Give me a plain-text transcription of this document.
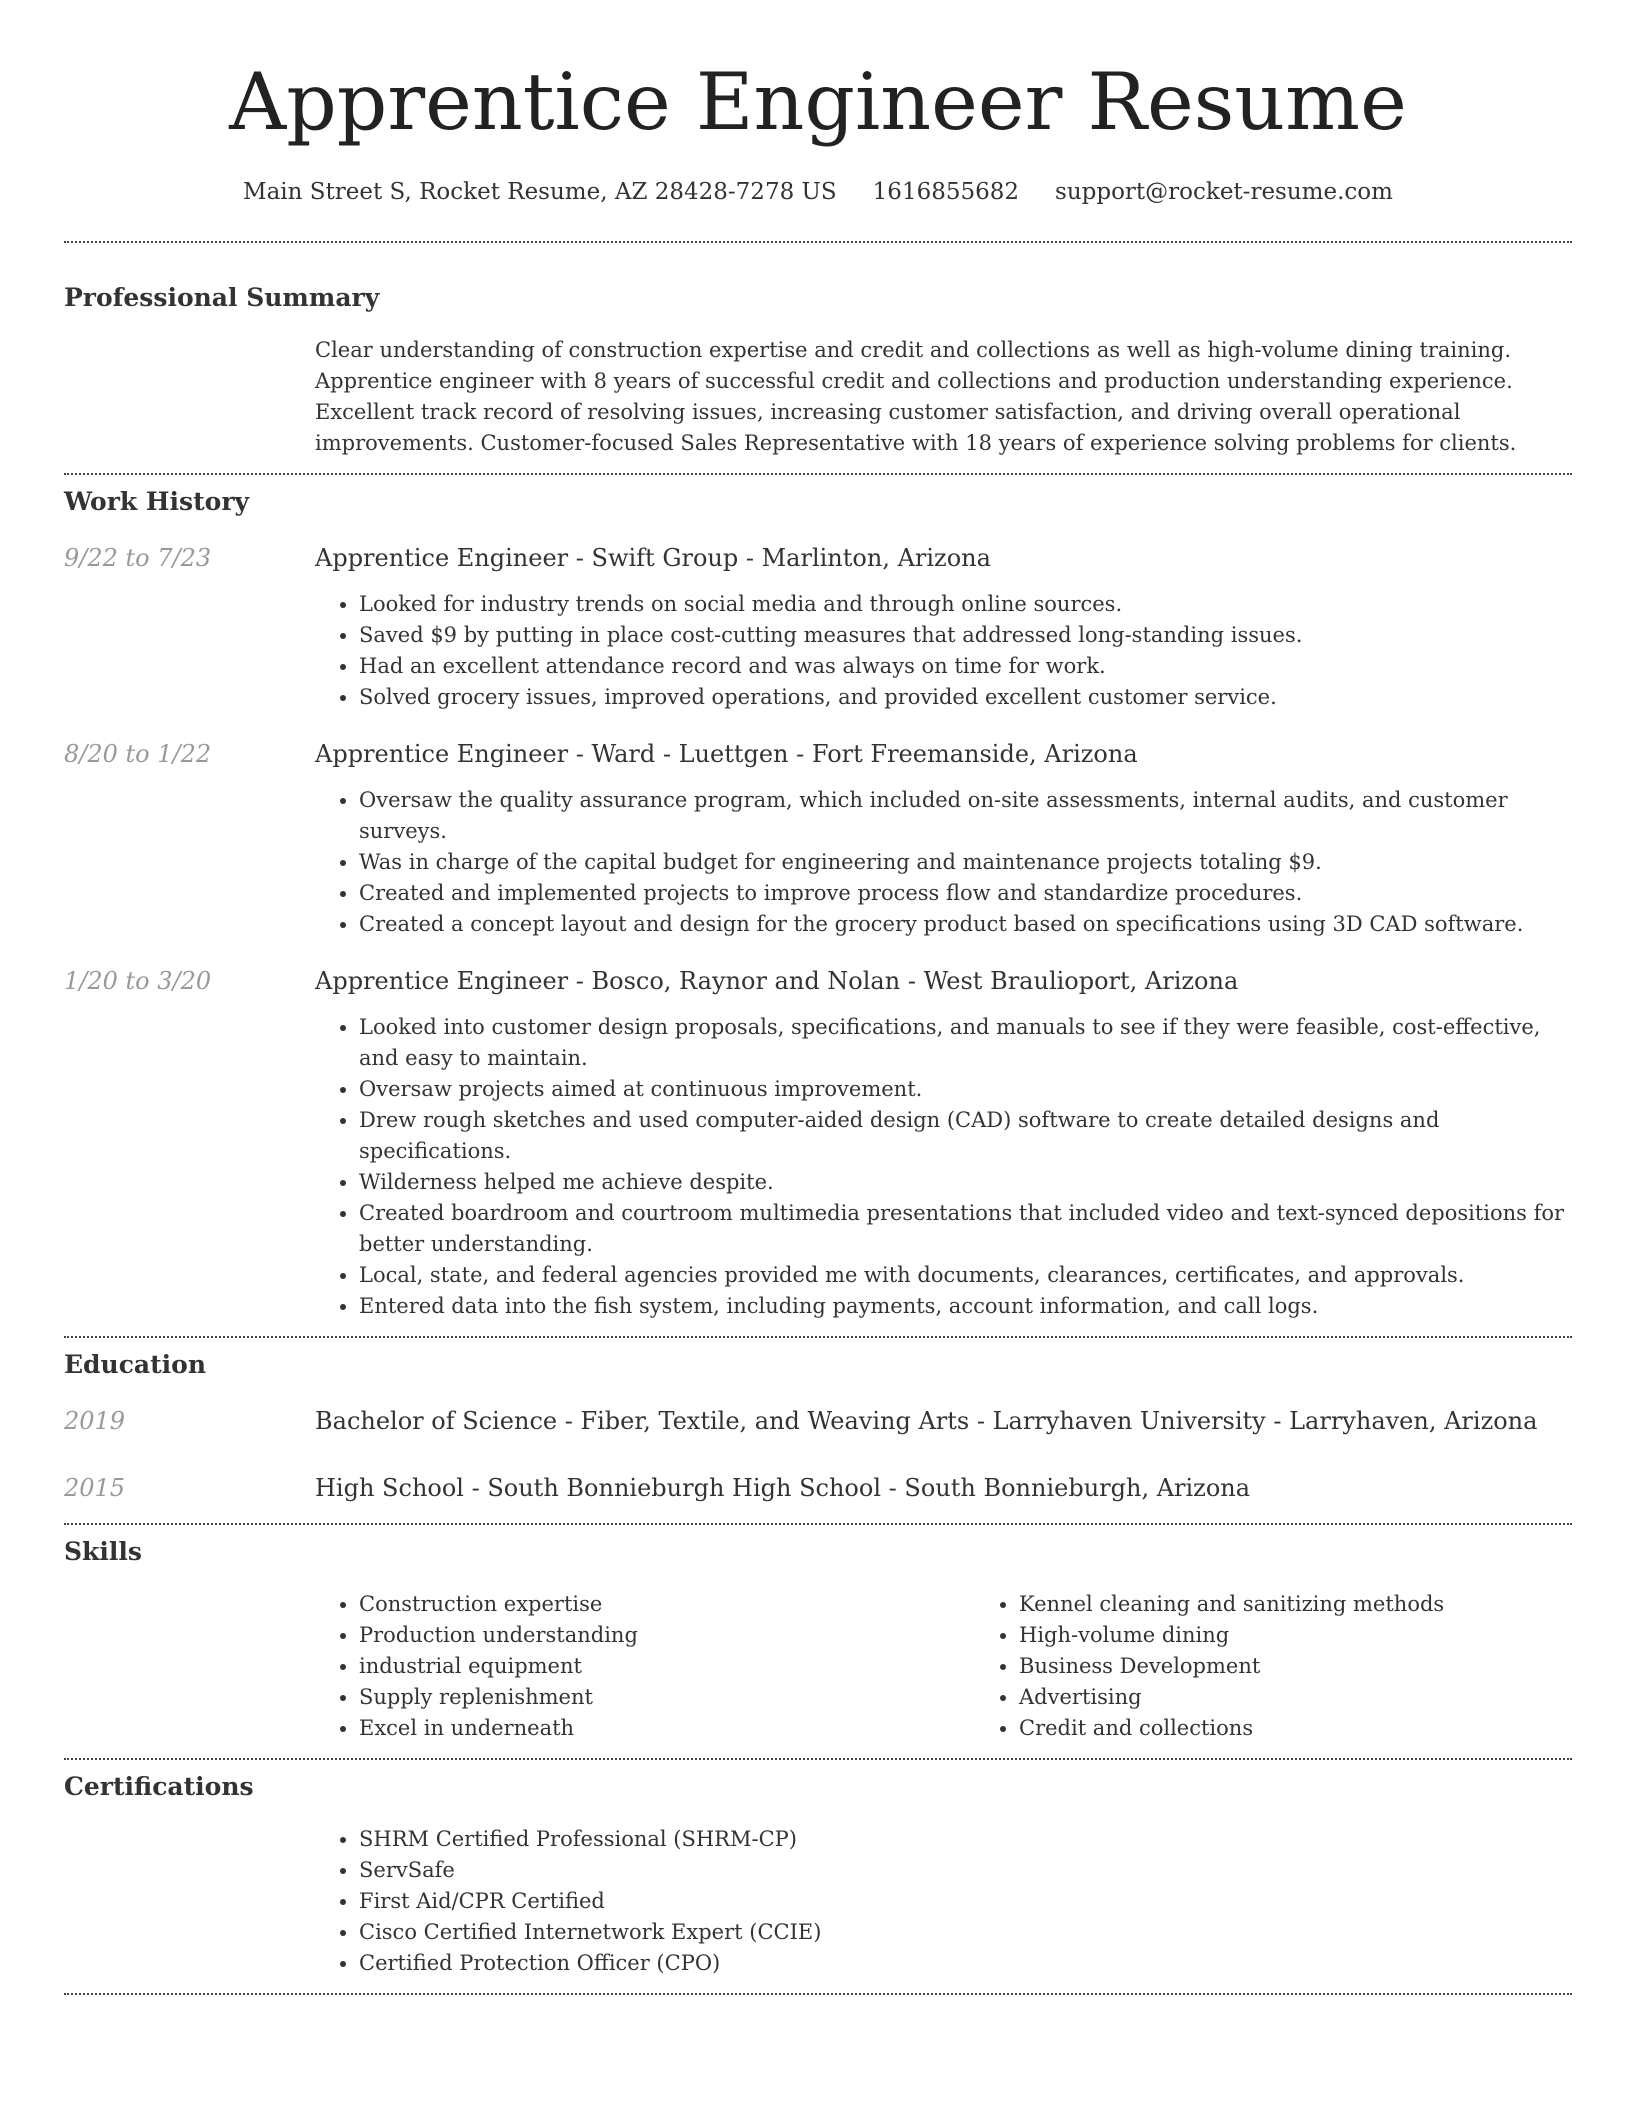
Apprentice Engineer Resume
Main Street S, Rocket Resume, AZ 28428-7278 US 1616855682 support@rocket-resume.com
Professional Summary
Clear understanding of construction expertise and credit and collections as well as high-volume dining training. Apprentice engineer with 8 years of successful credit and collections and production understanding experience. Excellent track record of resolving issues, increasing customer satisfaction, and driving overall operational improvements. Customer-focused Sales Representative with 18 years of experience solving problems for clients.
Work History
9/22 to 7/23	Apprentice Engineer - Swift Group - Marlinton, Arizona
• Looked for industry trends on social media and through online sources.
• Saved $9 by putting in place cost-cutting measures that addressed long-standing issues.
• Had an excellent attendance record and was always on time for work.
• Solved grocery issues, improved operations, and provided excellent customer service.
8/20 to 1/22	Apprentice Engineer - Ward - Luettgen - Fort Freemanside, Arizona
• Oversaw the quality assurance program, which included on-site assessments, internal audits, and customer surveys.
• Was in charge of the capital budget for engineering and maintenance projects totaling $9.
• Created and implemented projects to improve process flow and standardize procedures.
• Created a concept layout and design for the grocery product based on specifications using 3D CAD software.
1/20 to 3/20	Apprentice Engineer - Bosco, Raynor and Nolan - West Braulioport, Arizona
• Looked into customer design proposals, specifications, and manuals to see if they were feasible, cost-effective, and easy to maintain.
• Oversaw projects aimed at continuous improvement.
• Drew rough sketches and used computer-aided design (CAD) software to create detailed designs and specifications.
• Wilderness helped me achieve despite.
• Created boardroom and courtroom multimedia presentations that included video and text-synced depositions for better understanding.
• Local, state, and federal agencies provided me with documents, clearances, certificates, and approvals.
• Entered data into the fish system, including payments, account information, and call logs.
Education
2019	Bachelor of Science - Fiber, Textile, and Weaving Arts - Larryhaven University - Larryhaven, Arizona
2015	High School - South Bonnieburgh High School - South Bonnieburgh, Arizona
Skills
• Construction expertise
• Production understanding
• industrial equipment
• Supply replenishment
• Excel in underneath
• Kennel cleaning and sanitizing methods
• High-volume dining
• Business Development
• Advertising
• Credit and collections
Certifications
• SHRM Certified Professional (SHRM-CP)
• ServSafe
• First Aid/CPR Certified
• Cisco Certified Internetwork Expert (CCIE)
• Certified Protection Officer (CPO)
